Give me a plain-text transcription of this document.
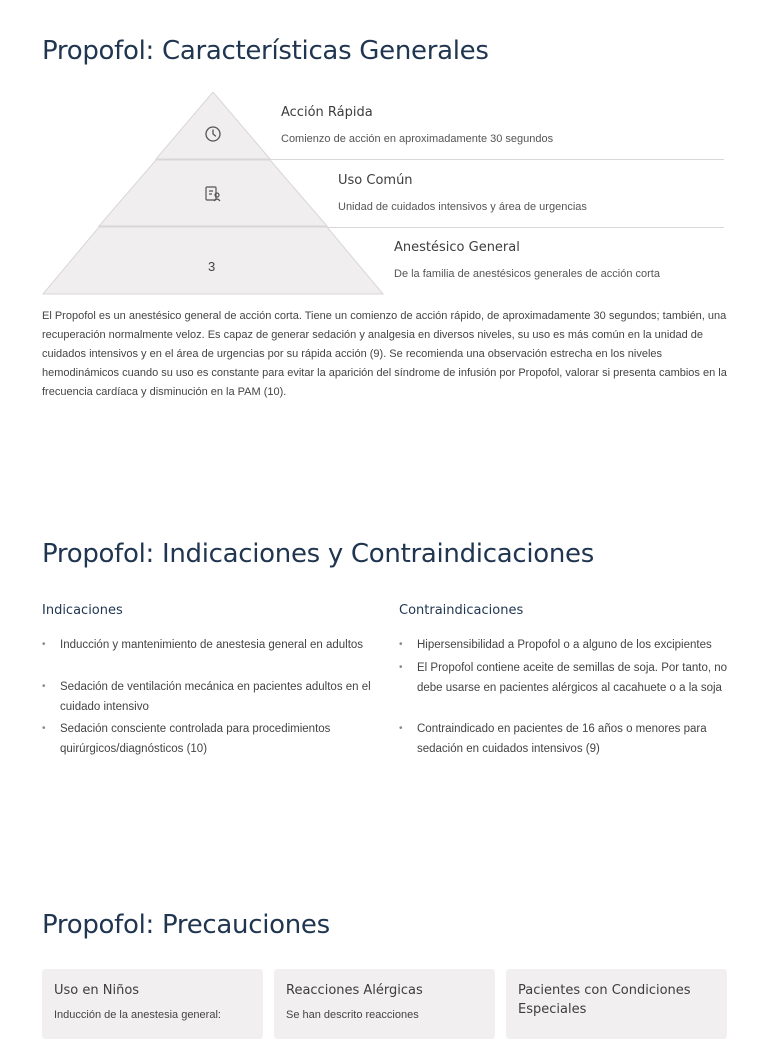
Propofol: Características Generales
Acción Rápida
Comienzo de acción en aproximadamente 30 segundos
Uso Común
Unidad de cuidados intensivos y área de urgencias
3
Anestésico General
De la familia de anestésicos generales de acción corta

El Propofol es un anestésico general de acción corta. Tiene un comienzo de acción rápido, de aproximadamente 30 segundos; también, una recuperación normalmente veloz. Es capaz de generar sedación y analgesia en diversos niveles, su uso es más común en la unidad de cuidados intensivos y en el área de urgencias por su rápida acción (9). Se recomienda una observación estrecha en los niveles hemodinámicos cuando su uso es constante para evitar la aparición del síndrome de infusión por Propofol, valorar si presenta cambios en la frecuencia cardíaca y disminución en la PAM (10).

Propofol: Indicaciones y Contraindicaciones
Indicaciones
• Inducción y mantenimiento de anestesia general en adultos
• Sedación de ventilación mecánica en pacientes adultos en el cuidado intensivo
• Sedación consciente controlada para procedimientos quirúrgicos/diagnósticos (10)
Contraindicaciones
• Hipersensibilidad a Propofol o a alguno de los excipientes
• El Propofol contiene aceite de semillas de soja. Por tanto, no debe usarse en pacientes alérgicos al cacahuete o a la soja
• Contraindicado en pacientes de 16 años o menores para sedación en cuidados intensivos (9)
Propofol: Precauciones
Uso en Niños
Inducción de la anestesia general:
Reacciones Alérgicas
Se han descrito reacciones
Pacientes con Condiciones Especiales
